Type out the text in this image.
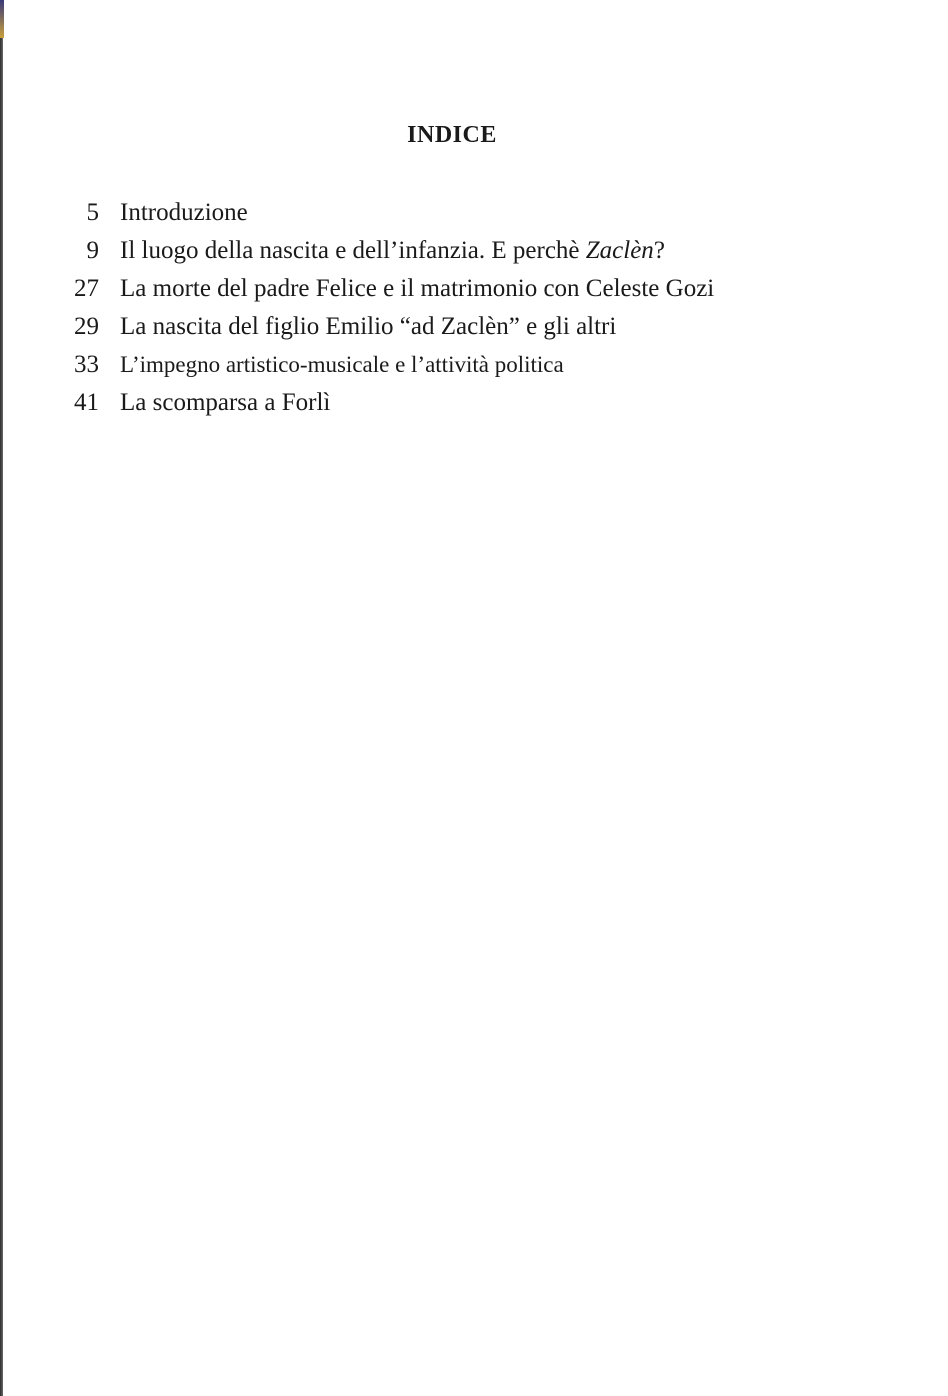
INDICE
5 Introduzione
9 Il luogo della nascita e dell’infanzia. E perchè Zaclèn?
27 La morte del padre Felice e il matrimonio con Celeste Gozi
29 La nascita del figlio Emilio “ad Zaclèn” e gli altri
33 L’impegno artistico-musicale e l’attività politica
41 La scomparsa a Forlì
